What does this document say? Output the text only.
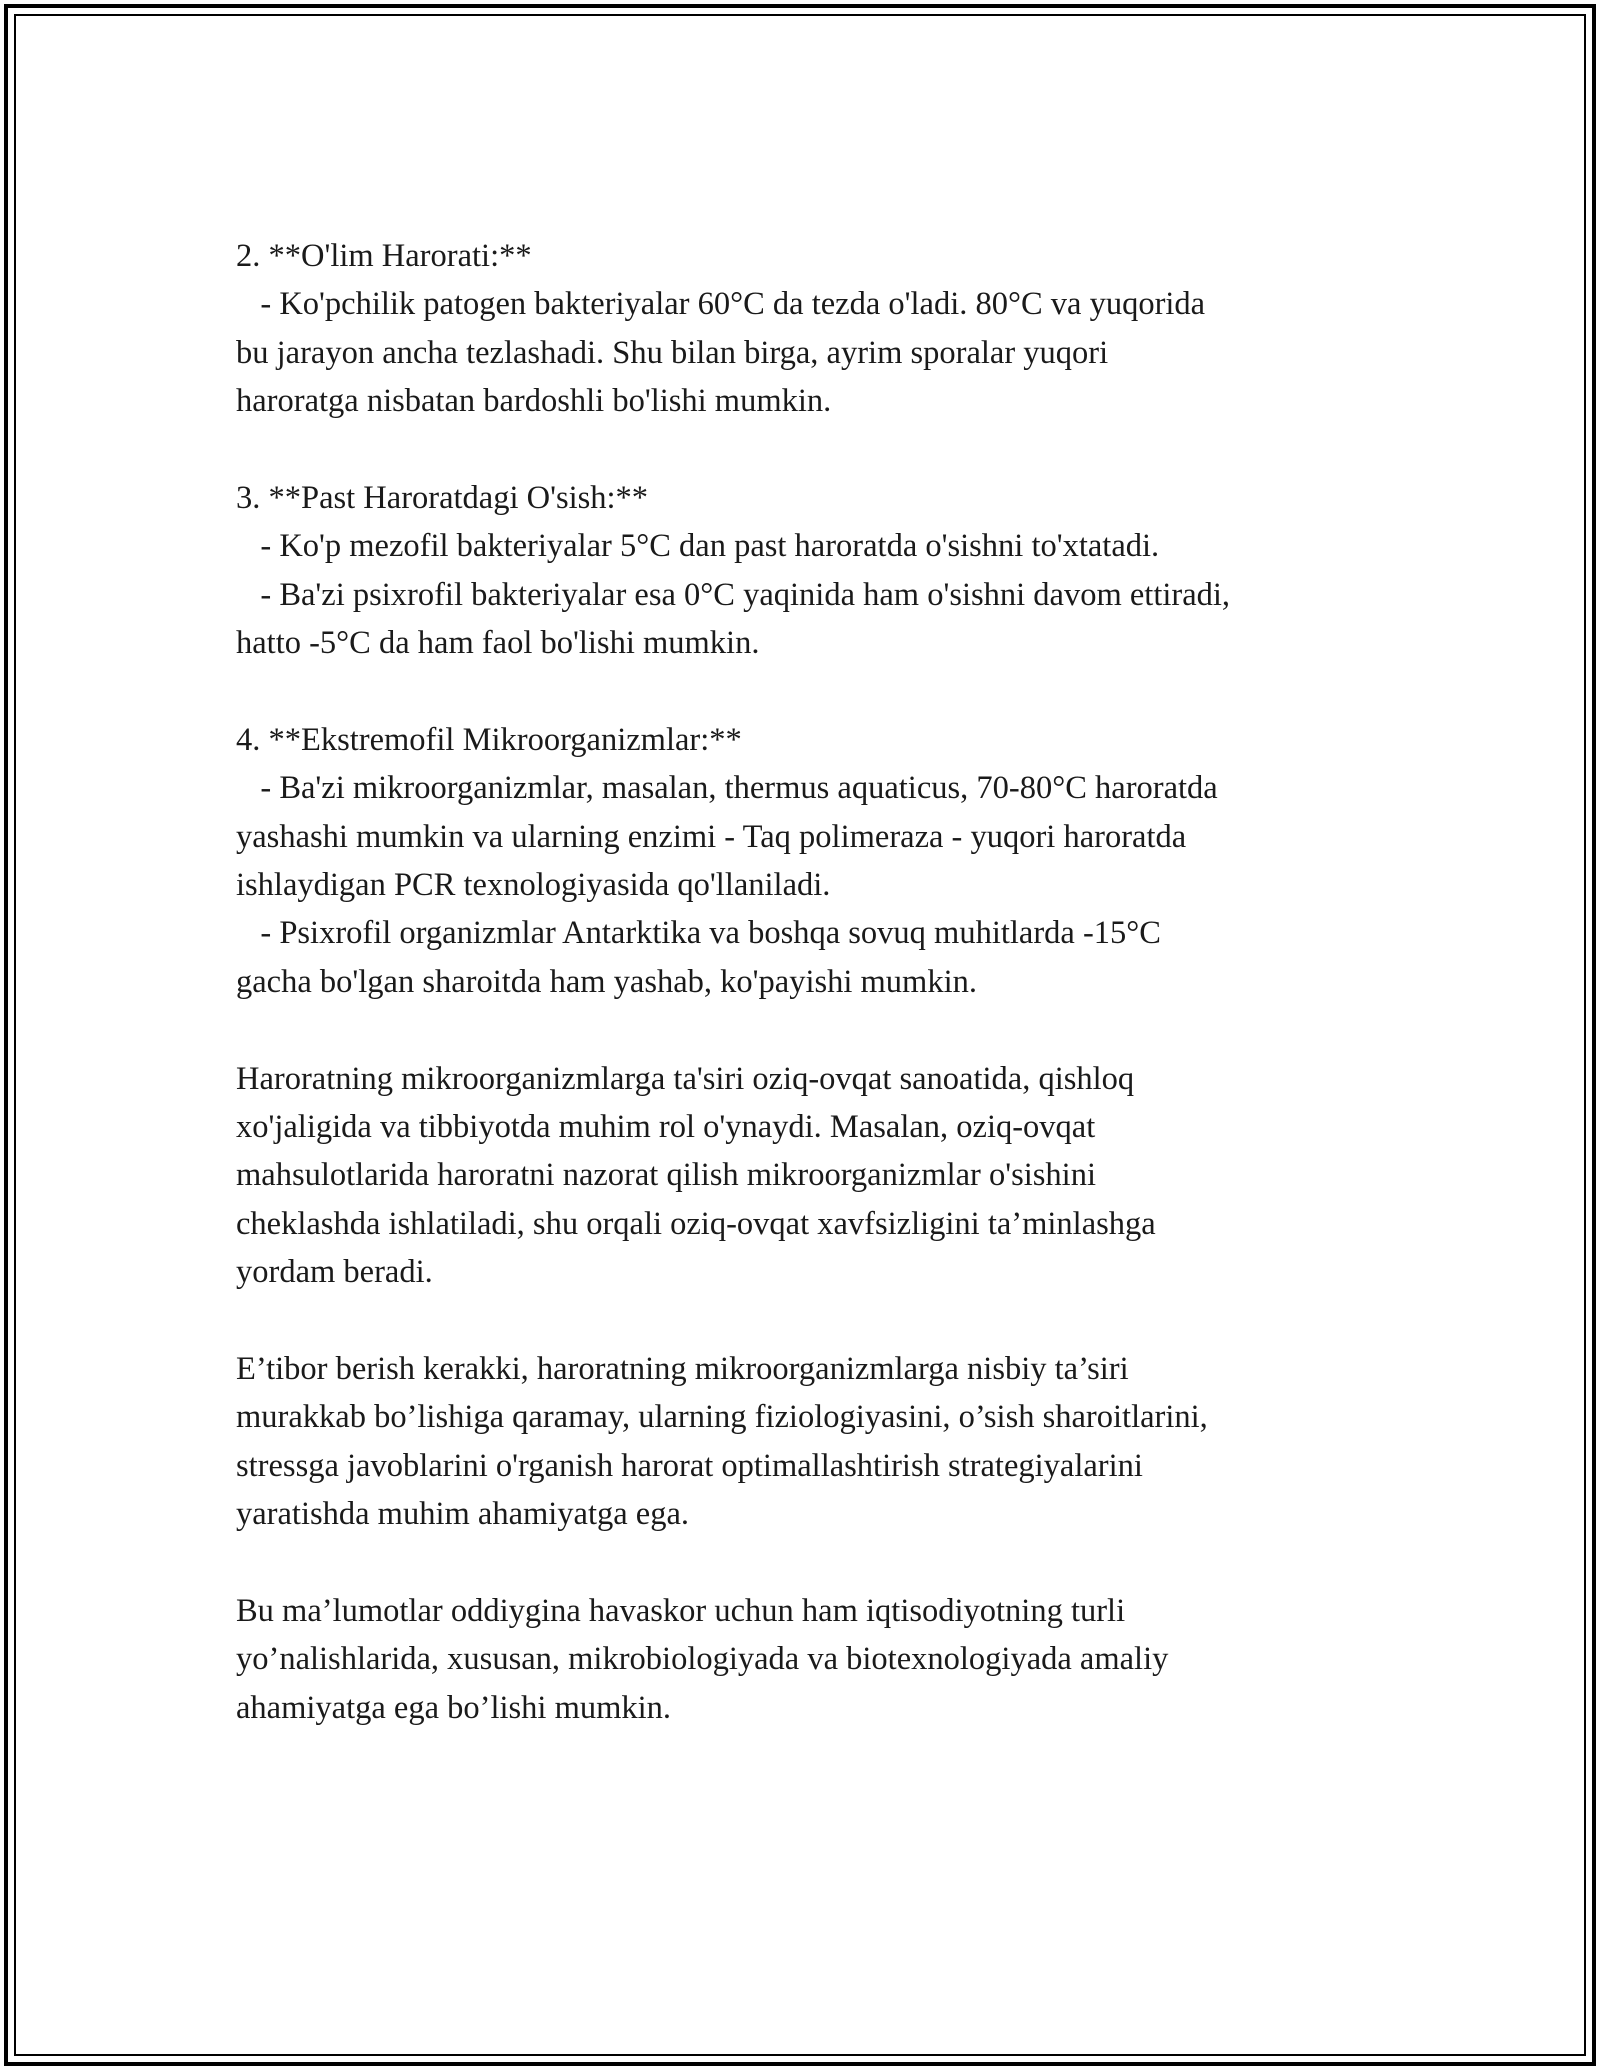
2. **O'lim Harorati:**
- Ko'pchilik patogen bakteriyalar 60°C da tezda o'ladi. 80°C va yuqorida
bu jarayon ancha tezlashadi. Shu bilan birga, ayrim sporalar yuqori
haroratga nisbatan bardoshli bo'lishi mumkin.
3. **Past Haroratdagi O'sish:**
- Ko'p mezofil bakteriyalar 5°C dan past haroratda o'sishni to'xtatadi.
- Ba'zi psixrofil bakteriyalar esa 0°C yaqinida ham o'sishni davom ettiradi,
hatto -5°C da ham faol bo'lishi mumkin.
4. **Ekstremofil Mikroorganizmlar:**
- Ba'zi mikroorganizmlar, masalan, thermus aquaticus, 70-80°C haroratda
yashashi mumkin va ularning enzimi - Taq polimeraza - yuqori haroratda
ishlaydigan PCR texnologiyasida qo'llaniladi.
- Psixrofil organizmlar Antarktika va boshqa sovuq muhitlarda -15°C
gacha bo'lgan sharoitda ham yashab, ko'payishi mumkin.
Haroratning mikroorganizmlarga ta'siri oziq-ovqat sanoatida, qishloq
xo'jaligida va tibbiyotda muhim rol o'ynaydi. Masalan, oziq-ovqat
mahsulotlarida haroratni nazorat qilish mikroorganizmlar o'sishini
cheklashda ishlatiladi, shu orqali oziq-ovqat xavfsizligini ta’minlashga
yordam beradi.
E’tibor berish kerakki, haroratning mikroorganizmlarga nisbiy ta’siri
murakkab bo’lishiga qaramay, ularning fiziologiyasini, o’sish sharoitlarini,
stressga javoblarini o'rganish harorat optimallashtirish strategiyalarini
yaratishda muhim ahamiyatga ega.
Bu ma’lumotlar oddiygina havaskor uchun ham iqtisodiyotning turli
yo’nalishlarida, xususan, mikrobiologiyada va biotexnologiyada amaliy
ahamiyatga ega bo’lishi mumkin.
